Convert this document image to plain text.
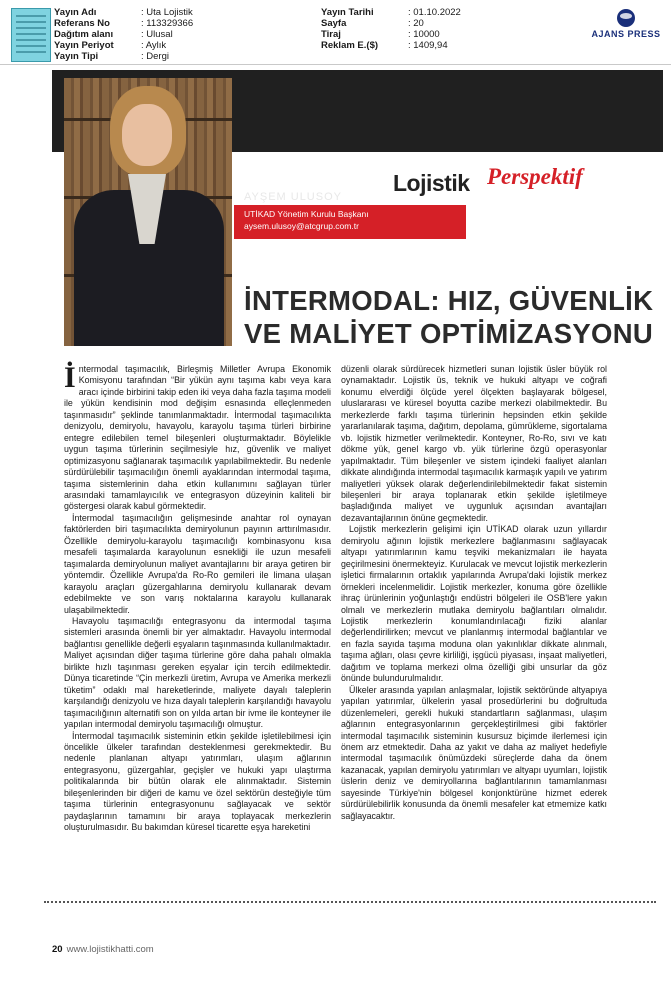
Yayın Adı	: Uta Lojistik
Referans No	: 113329366
Dağıtım alanı	: Ulusal
Yayın Periyot	: Aylık
Yayın Tipi	: Dergi
Yayın Tarihi	: 01.10.2022
Sayfa	: 20
Tiraj	: 10000
Reklam E.($)	: 1409,94
AJANS PRESS
Lojistik Perspektif
AYŞEM ULUSOY
UTİKAD Yönetim Kurulu Başkanı
aysem.ulusoy@atcgrup.com.tr
İNTERMODAL: HIZ, GÜVENLİK
VE MALİYET OPTİMİZASYONU

İntermodal taşımacılık, Birleşmiş Milletler Avrupa Ekonomik Komisyonu tarafından “Bir yükün aynı taşıma kabı veya kara aracı içinde birbirini takip eden iki veya daha fazla taşıma modeli ile yükün kendisinin mod değişim esnasında elleçlenmeden taşınmasıdır” şeklinde tanımlanmaktadır. İntermodal taşımacılıkta denizyolu, demiryolu, havayolu, karayolu taşıma türleri birbirine entegre edilebilen temel bileşenleri oluşturmaktadır. Böylelikle uygun taşıma türlerinin seçilmesiyle hız, güvenlik ve maliyet optimizasyonu sağlanarak taşımacılık yapılabilmektedir. Bu nedenle sürdürülebilir taşımacılığın önemli ayaklarından intermodal taşıma, taşıma sistemlerinin daha etkin kullanımını sağlayan türler arasındaki tamamlayıcılık ve entegrasyon düzeyinin kaliteli bir göstergesi olarak kabul görmektedir.

İntermodal taşımacılığın gelişmesinde anahtar rol oynayan faktörlerden biri taşımacılıkta demiryolunun payının arttırılmasıdır. Özellikle demiryolu-karayolu taşımacılığı kombinasyonu kısa mesafeli taşımalarda karayolunun esnekliği ile uzun mesafeli taşımalarda demiryolunun maliyet avantajlarını bir araya getiren bir yöntemdir. Özellikle Avrupa'da Ro-Ro gemileri ile limana ulaşan karayolu araçları güzergahlarına demiryolu kullanarak devam edebilmekte ve son varış noktalarına karayolu kullanarak ulaşabilmektedir.

Havayolu taşımacılığı entegrasyonu da intermodal taşıma sistemleri arasında önemli bir yer almaktadır. Havayolu intermodal bağlantısı genellikle değerli eşyaların taşınmasında kullanılmaktadır. Maliyet açısından diğer taşıma türlerine göre daha pahalı olmakla birlikte hızlı taşınması gereken eşyalar için tercih edilmektedir. Dünya ticaretinde “Çin merkezli üretim, Avrupa ve Amerika merkezli tüketim” odaklı mal hareketlerinde, maliyete dayalı taleplerin karşılandığı denizyolu ve hıza dayalı taleplerin karşılandığı havayolu taşımacılığının alternatifi son on yılda artan bir ivme ile konteyner ile yapılan intermodal demiryolu taşımacılığı olmuştur.

İntermodal taşımacılık sisteminin etkin şekilde işletilebilmesi için öncelikle ülkeler tarafından desteklenmesi gerekmektedir. Bu nedenle planlanan altyapı yatırımları, ulaşım ağlarının entegrasyonu, güzergahlar, geçişler ve hukuki yapı ulaştırma politikalarında bir bütün olarak ele alınmaktadır. Sistemin bileşenlerinden bir diğeri de kamu ve özel sektörün desteğiyle tüm taşıma türlerinin entegrasyonunu sağlayacak ve sektör paydaşlarının tamamını bir araya toplayacak merkezlerin oluşturulmasıdır. Bu bakımdan küresel ticarette eşya hareketini

düzenli olarak sürdürecek hizmetleri sunan lojistik üsler büyük rol oynamaktadır. Lojistik üs, teknik ve hukuki altyapı ve coğrafi konumu elverdiği ölçüde yerel ölçekten başlayarak bölgesel, uluslararası ve küresel boyutta cazibe merkezi olabilmektedir. Bu merkezlerde farklı taşıma türlerinin hepsinden etkin şekilde yararlanılarak taşıma, dağıtım, depolama, gümrükleme, sigortalama vb. lojistik hizmetler verilmektedir. Konteyner, Ro-Ro, sıvı ve katı dökme yük, genel kargo vb. yük türlerine özgü operasyonlar yapılmaktadır. Tüm bileşenler ve sistem içindeki faaliyet alanları dikkate alındığında intermodal taşımacılık karmaşık yapılı ve yatırım maliyetleri yüksek olarak değerlendirilebilmektedir fakat sistemin bileşenleri bir araya toplanarak etkin şekilde işletilmeye başladığında maliyet ve uygunluk açısından avantajları dezavantajlarının önüne geçmektedir.

Lojistik merkezlerin gelişimi için UTİKAD olarak uzun yıllardır demiryolu ağının lojistik merkezlere bağlanmasını sağlayacak altyapı yatırımlarının kamu teşviki mekanizmaları ile hayata geçirilmesini önermekteyiz. Kurulacak ve mevcut lojistik merkezlerin işletici firmalarının ortaklık yapılarında Avrupa'daki lojistik merkez örnekleri incelenmelidir. Lojistik merkezler, konuma göre özellikle ihraç ürünlerinin yoğunlaştığı endüstri bölgeleri ile OSB'lere yakın olmalı ve merkezlerin mutlaka demiryolu bağlantıları olmalıdır. Lojistik merkezlerin konumlandırılacağı fiziki alanlar değerlendirilirken; mevcut ve planlanmış intermodal bağlantılar ve en fazla sayıda taşıma moduna olan yakınlıklar dikkate alınmalı, taşıma ağları, olası çevre kirliliği, işgücü piyasası, inşaat maliyetleri, dağıtım ve toplama merkezi olma özelliği gibi unsurlar da göz önünde bulundurulmalıdır.

Ülkeler arasında yapılan anlaşmalar, lojistik sektöründe altyapıya yapılan yatırımlar, ülkelerin yasal prosedürlerini bu doğrultuda düzenlemeleri, gerekli hukuki standartların sağlanması, ulaşım ağlarının entegrasyonlarının gerçekleştirilmesi gibi faktörler intermodal taşımacılık sisteminin kusursuz biçimde ilerlemesi için önem arz etmektedir. Daha az yakıt ve daha az maliyet hedefiyle intermodal taşımacılık önümüzdeki süreçlerde daha da önem kazanacak, yapılan demiryolu yatırımları ve altyapı uyumları, lojistik üslerin deniz ve demiryollarına bağlantılarının tamamlanması sayesinde Türkiye'nin bölgesel konjonktürüne hizmet ederek sürdürülebilirlik konusunda da önemli mesafeler kat etmemize katkı sağlayacaktır.

20 www.lojistikhatti.com
